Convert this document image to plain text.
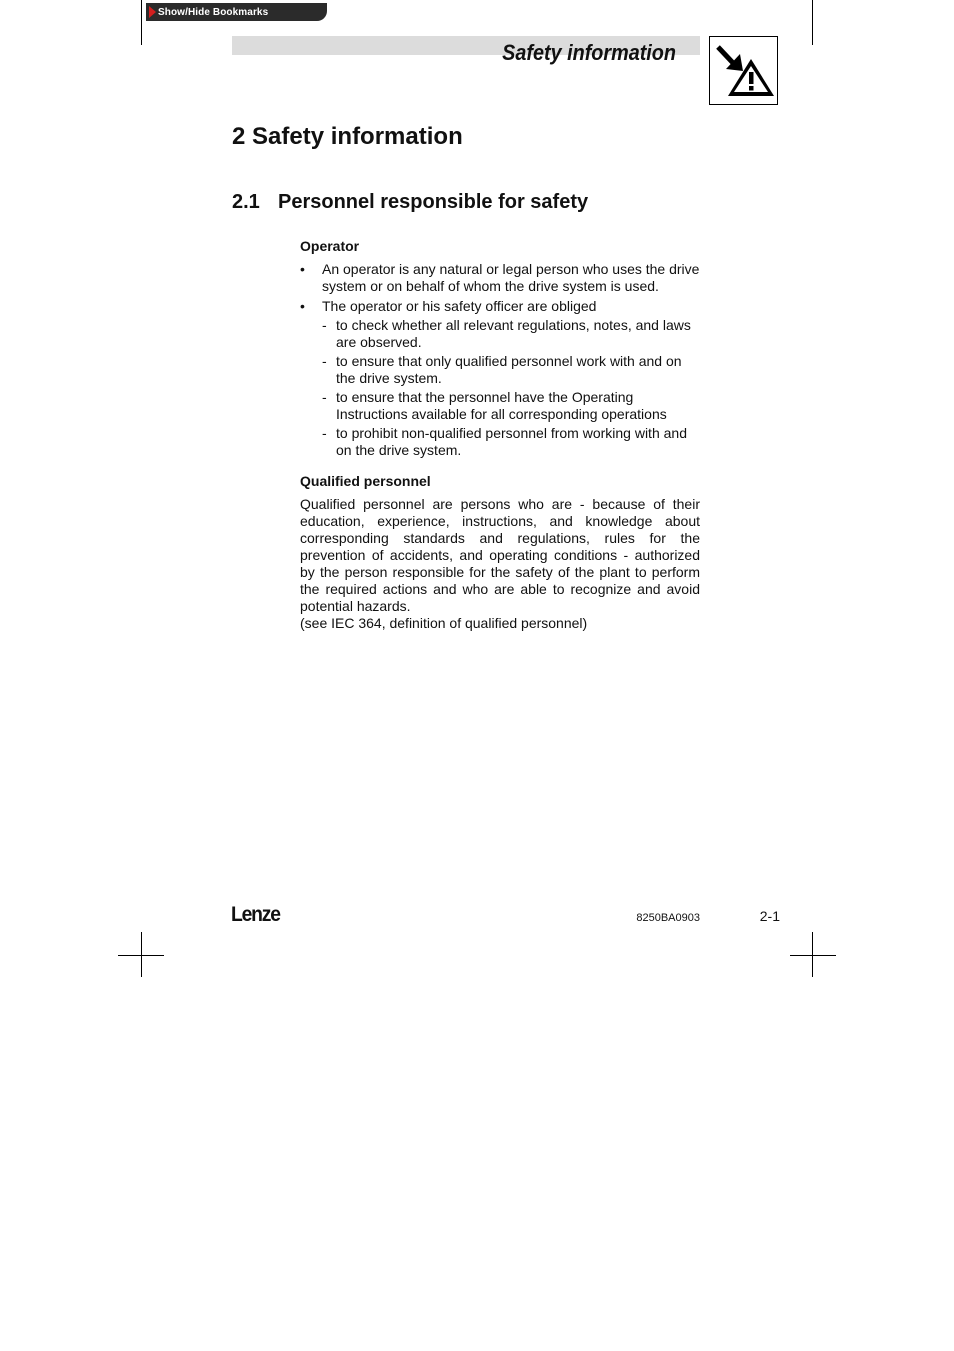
Show/Hide Bookmarks
Safety information
2 Safety information
2.1 Personnel responsible for safety

Operator

• An operator is any natural or legal person who uses the drive system or on behalf of whom the drive system is used.
• The operator or his safety officer are obliged
- to check whether all relevant regulations, notes, and laws are observed.
- to ensure that only qualified personnel work with and on the drive system.
- to ensure that the personnel have the Operating Instructions available for all corresponding operations
- to prohibit non-qualified personnel from working with and on the drive system.

Qualified personnel

Qualified personnel are persons who are - because of their education, experience, instructions, and knowledge about corresponding standards and regulations, rules for the prevention of accidents, and operating conditions - authorized by the person responsible for the safety of the plant to perform the required actions and who are able to recognize and avoid potential hazards.

(see IEC 364, definition of qualified personnel)

Lenze	8250BA0903	2-1
